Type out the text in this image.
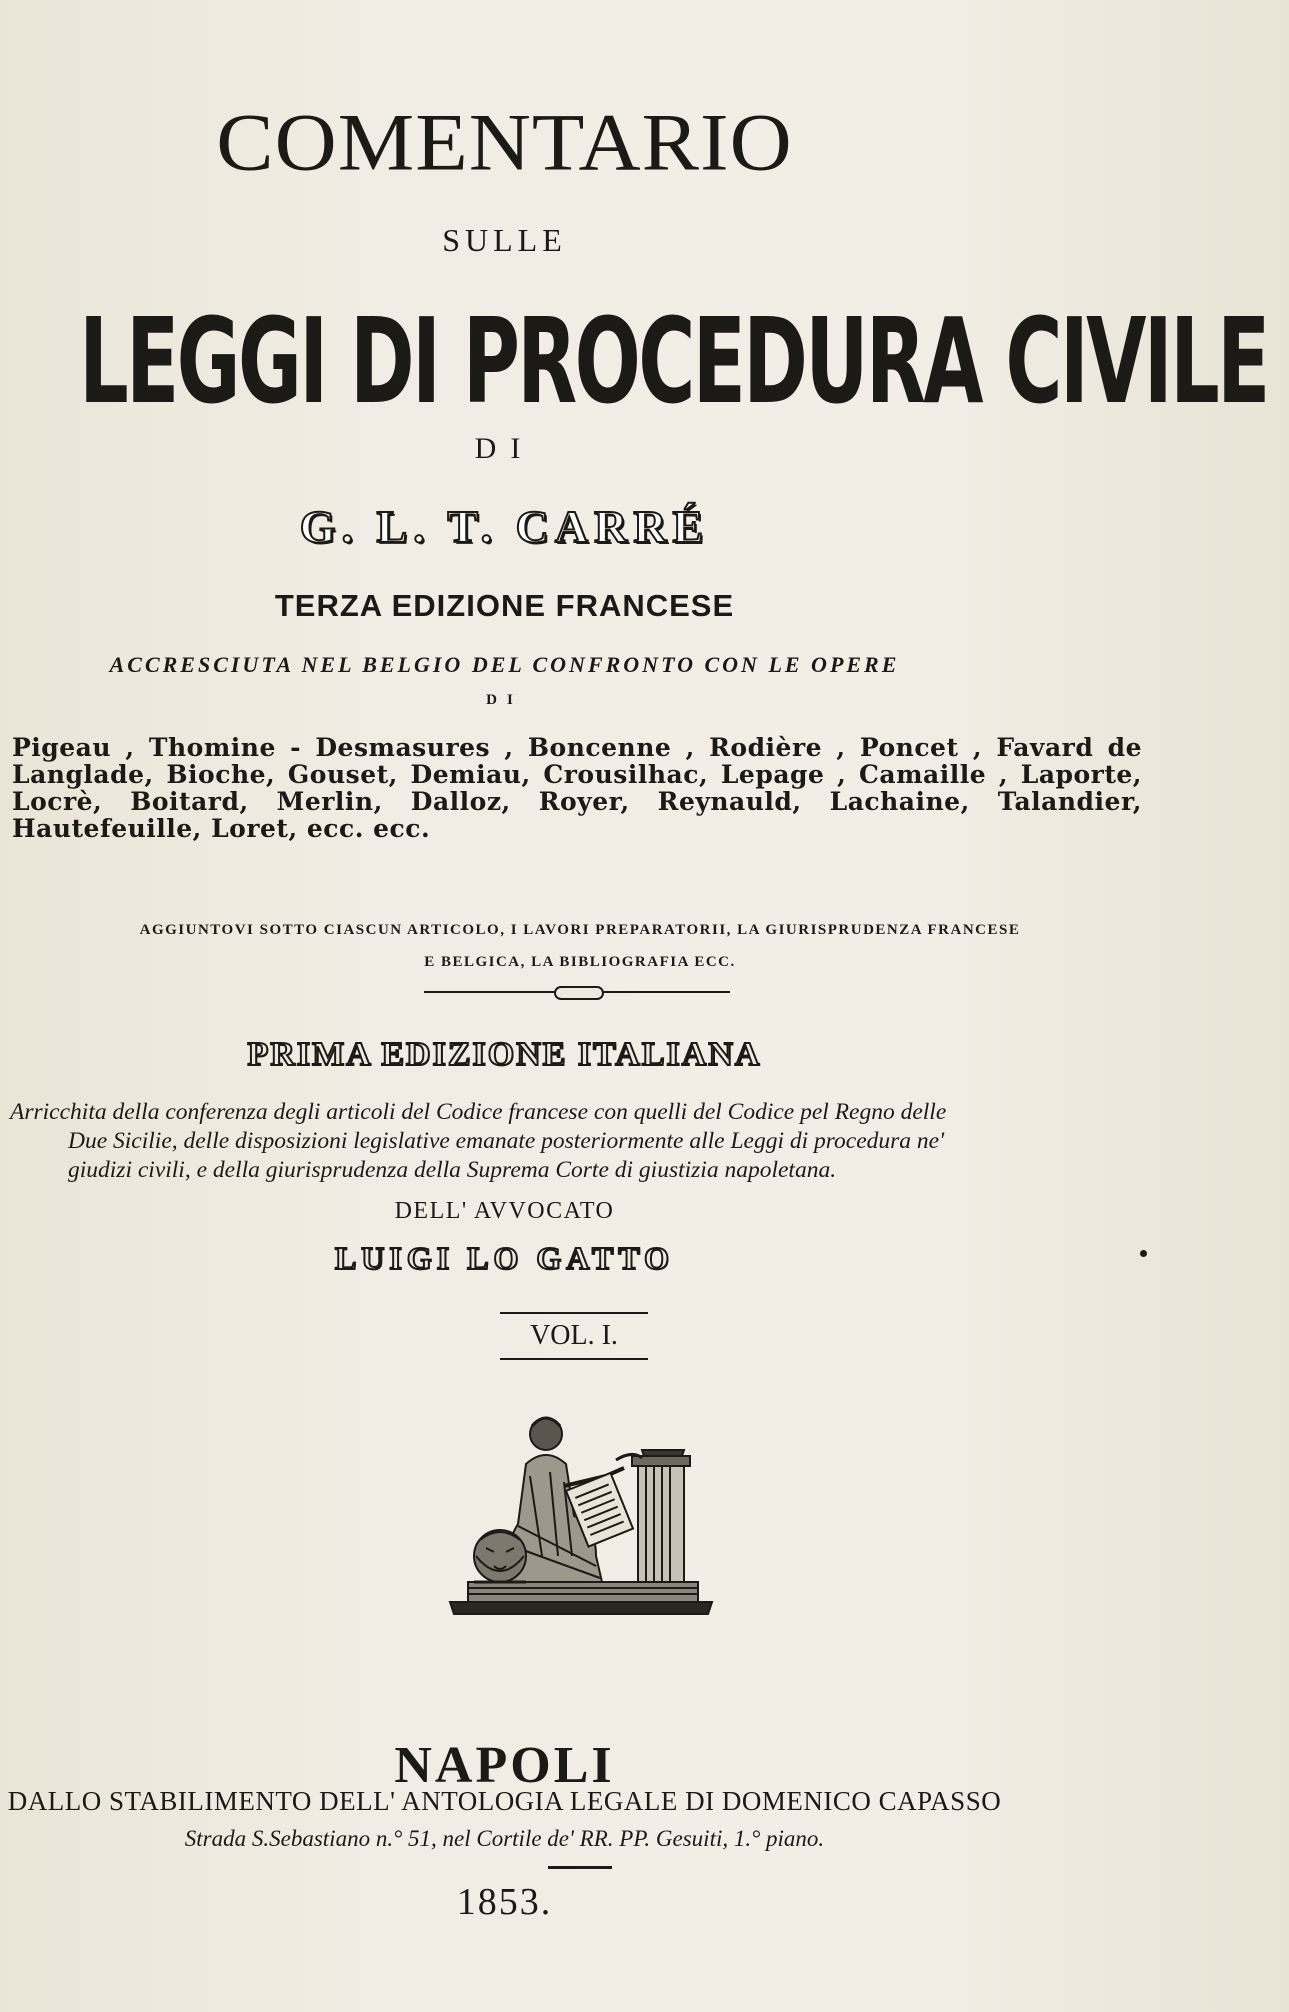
COMENTARIO
SULLE
LEGGI DI PROCEDURA CIVILE
DI
G. L. T. CARRÉ
TERZA EDIZIONE FRANCESE
ACCRESCIUTA NEL BELGIO DEL CONFRONTO CON LE OPERE
DI
Pigeau , Thomine - Desmasures , Boncenne , Rodière , Poncet , Favard de Langlade, Bioche, Gouset, Demiau, Crousilhac, Lepage , Camaille , Laporte, Locrè, Boitard, Merlin, Dalloz, Royer, Reynauld, Lachaine, Talandier, Hautefeuille, Loret, ecc. ecc.
AGGIUNTOVI SOTTO CIASCUN ARTICOLO, I LAVORI PREPARATORII, LA GIURISPRUDENZA FRANCESE
E BELGICA, LA BIBLIOGRAFIA ECC.
PRIMA EDIZIONE ITALIANA
Arricchita della conferenza degli articoli del Codice francese con quelli del Codice pel Regno delle
Due Sicilie, delle disposizioni legislative emanate posteriormente alle Leggi di procedura ne'
giudizi civili, e della giurisprudenza della Suprema Corte di giustizia napoletana.
DELL' AVVOCATO
LUIGI LO GATTO
VOL. I.
NAPOLI
DALLO STABILIMENTO DELL' ANTOLOGIA LEGALE DI DOMENICO CAPASSO
Strada S.Sebastiano n.° 51, nel Cortile de' RR. PP. Gesuiti, 1.° piano.
1853.
